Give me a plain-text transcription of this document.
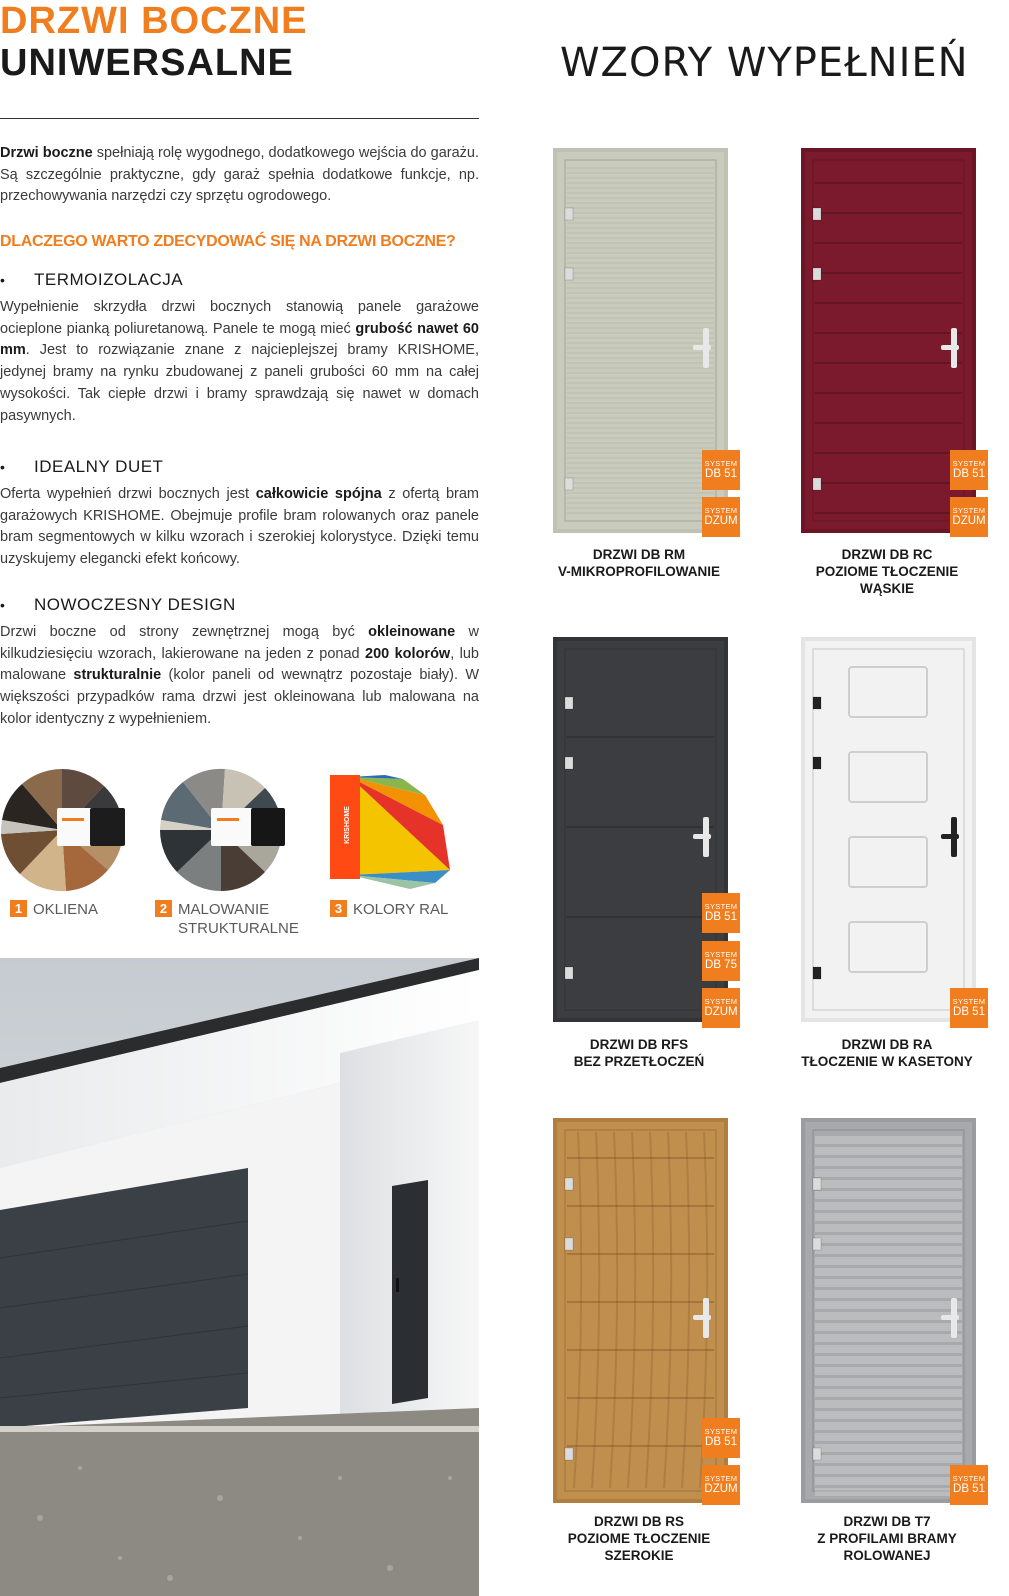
DRZWI BOCZNE
UNIWERSALNE	WZORY WYPEŁNIEŃ

Drzwi boczne spełniają rolę wygodnego, dodatkowego wejścia do garażu. Są szczególnie praktyczne, gdy garaż spełnia dodatkowe funkcje, np. przechowywania narzędzi czy sprzętu ogrodowego.

DLACZEGO WARTO ZDECYDOWAĆ SIĘ NA DRZWI BOCZNE?
• TERMOIZOLACJA

Wypełnienie skrzydła drzwi bocznych stanowią panele garażowe ocieplone pianką poliuretanową. Panele te mogą mieć grubość nawet 60 mm. Jest to rozwiązanie znane z najcieplejszej bramy KRISHOME, jedynej bramy na rynku zbudowanej z paneli grubości 60 mm na całej wysokości. Tak ciepłe drzwi i bramy sprawdzają się nawet w domach pasywnych.

• IDEALNY DUET

Oferta wypełnień drzwi bocznych jest całkowicie spójna z ofertą bram garażowych KRISHOME. Obejmuje profile bram rolowanych oraz panele bram segmentowych w kilku wzorach i szerokiej kolorystyce. Dzięki temu uzyskujemy elegancki efekt końcowy.

• NOWOCZESNY DESIGN

Drzwi boczne od strony zewnętrznej mogą być okleinowane w kilkudziesięciu wzorach, lakierowane na jeden z ponad 200 kolorów, lub malowane strukturalnie (kolor paneli od wewnątrz pozostaje biały). W większości przypadków rama drzwi jest okleinowana lub malowana na kolor identyczny z wypełnieniem.

KRISHOME
1 OKLIENA	2 MALOWANIE
STRUKTURALNE
3 KOLORY RAL

SYSTEM
DB 51
SYSTEM
DZUM
DRZWI DB RM
V-MIKROPROFILOWANIE
SYSTEM
DB 51
SYSTEM
DZUM
DRZWI DB RC
POZIOME TŁOCZENIE
WĄSKIE
SYSTEM
DB 51
SYSTEM
DB 75
SYSTEM
DZUM
DRZWI DB RFS
BEZ PRZETŁOCZEŃ
SYSTEM
DB 51
DRZWI DB RA
TŁOCZENIE W KASETONY
SYSTEM
DB 51
SYSTEM
DZUM
DRZWI DB RS
POZIOME TŁOCZENIE
SZEROKIE
SYSTEM
DB 51
DRZWI DB T7
Z PROFILAMI BRAMY
ROLOWANEJ
